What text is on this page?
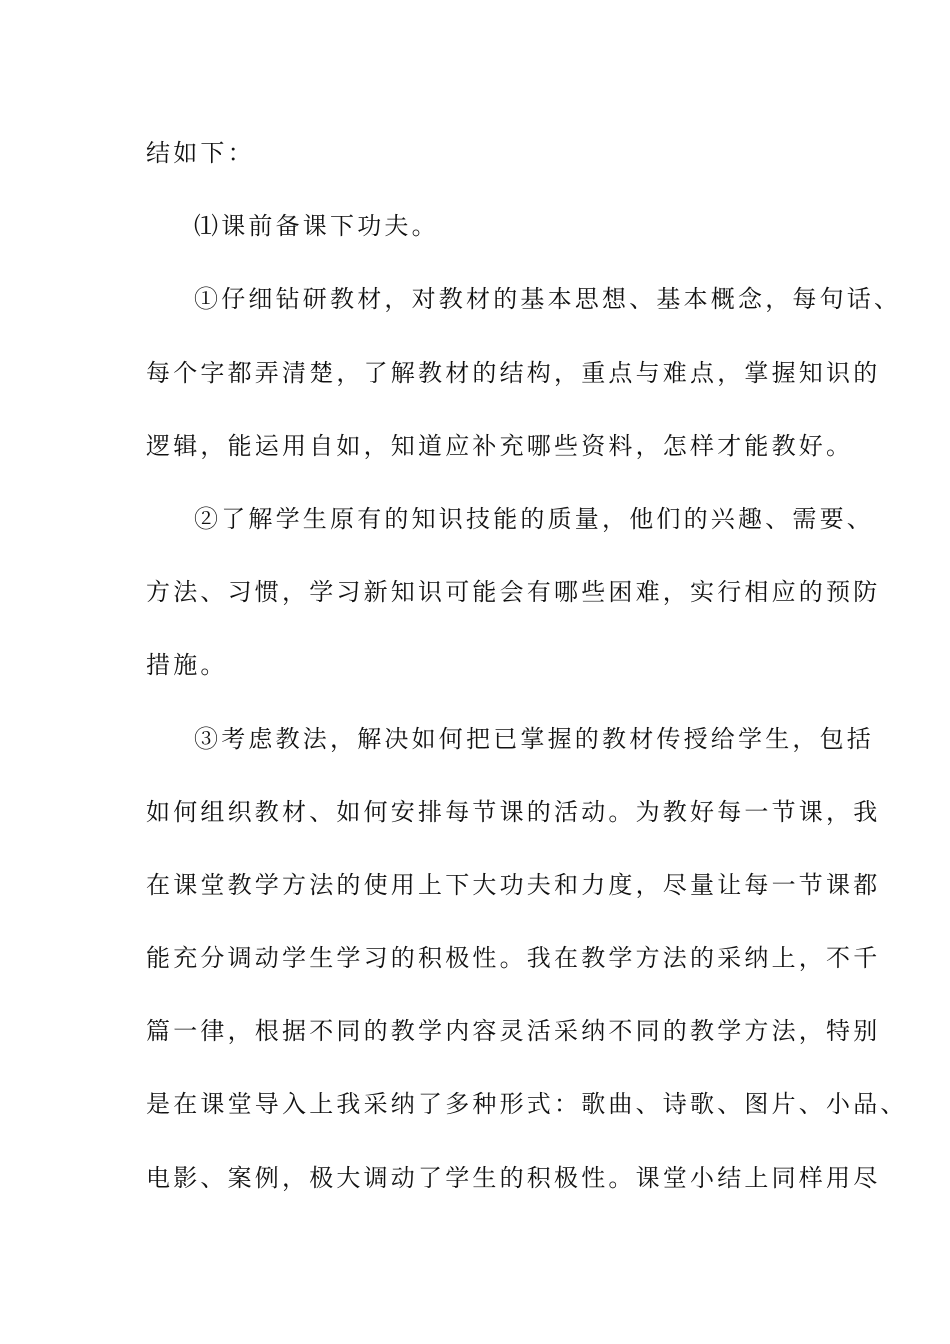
结如下：
⑴课前备课下功夫。
①仔细钻研教材，对教材的基本思想、基本概念，每句话、
每个字都弄清楚，了解教材的结构，重点与难点，掌握知识的
逻辑，能运用自如，知道应补充哪些资料，怎样才能教好。
②了解学生原有的知识技能的质量，他们的兴趣、需要、
方法、习惯，学习新知识可能会有哪些困难，实行相应的预防
措施。
③考虑教法，解决如何把已掌握的教材传授给学生，包括
如何组织教材、如何安排每节课的活动。为教好每一节课，我
在课堂教学方法的使用上下大功夫和力度，尽量让每一节课都
能充分调动学生学习的积极性。我在教学方法的采纳上，不千
篇一律，根据不同的教学内容灵活采纳不同的教学方法，特别
是在课堂导入上我采纳了多种形式：歌曲、诗歌、图片、小品、
电影、案例，极大调动了学生的积极性。课堂小结上同样用尽
